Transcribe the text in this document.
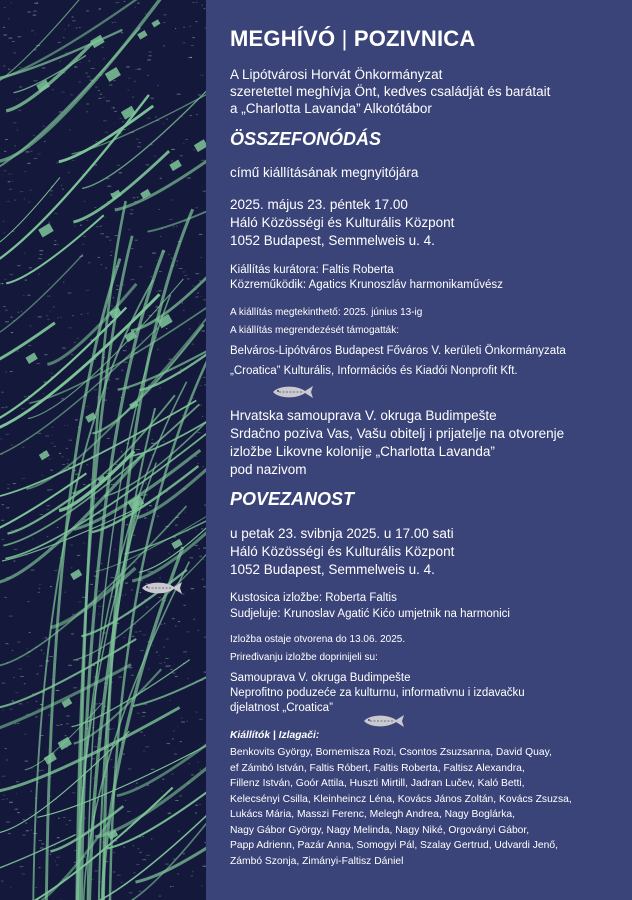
MEGHÍVÓ | POZIVNICA

A Lipótvárosi Horvát Önkormányzat

szeretettel meghívja Önt, kedves családját és barátait

a „Charlotta Lavanda” Alkotótábor

ÖSSZEFONÓDÁS

című kiállításának megnyitójára

2025. május 23. péntek 17.00

Háló Közösségi és Kulturális Központ

1052 Budapest, Semmelweis u. 4.

Kiállítás kurátora: Faltis Roberta

Közreműködik: Agatics Krunoszláv harmonikaművész

A kiállítás megtekinthető: 2025. június 13-ig

A kiállítás megrendezését támogatták:

Belváros-Lipótváros Budapest Főváros V. kerületi Önkormányzata

„Croatica” Kulturális, Információs és Kiadói Nonprofit Kft.

Hrvatska samouprava V. okruga Budimpešte

Srdačno poziva Vas, Vašu obitelj i prijatelje na otvorenje

izložbe Likovne kolonije „Charlotta Lavanda”

pod nazivom

POVEZANOST

u petak 23. svibnja 2025. u 17.00 sati

Háló Közösségi és Kulturális Központ

1052 Budapest, Semmelweis u. 4.

Kustosica izložbe: Roberta Faltis

Sudjeluje: Krunoslav Agatić Kićo umjetnik na harmonici

Izložba ostaje otvorena do 13.06. 2025.

Priređivanju izložbe doprinijeli su:

Samouprava V. okruga Budimpešte

Neprofitno poduzeće za kulturnu, informativnu i izdavačku

djelatnost „Croatica”

Kiállítók | Izlagači:

Benkovits György, Bornemisza Rozi, Csontos Zsuzsanna, David Quay,

ef Zámbó István, Faltis Róbert, Faltis Roberta, Faltisz Alexandra,

Fillenz István, Goór Attila, Huszti Mirtill, Jadran Lučev, Kaló Betti,

Kelecsényi Csilla, Kleinheincz Léna, Kovács János Zoltán, Kovács Zsuzsa,

Lukács Mária, Masszi Ferenc, Melegh Andrea, Nagy Boglárka,

Nagy Gábor György, Nagy Melinda, Nagy Niké, Orgoványi Gábor,

Papp Adrienn, Pazár Anna, Somogyi Pál, Szalay Gertrud, Udvardi Jenő,

Zámbó Szonja, Zimányi-Faltisz Dániel
